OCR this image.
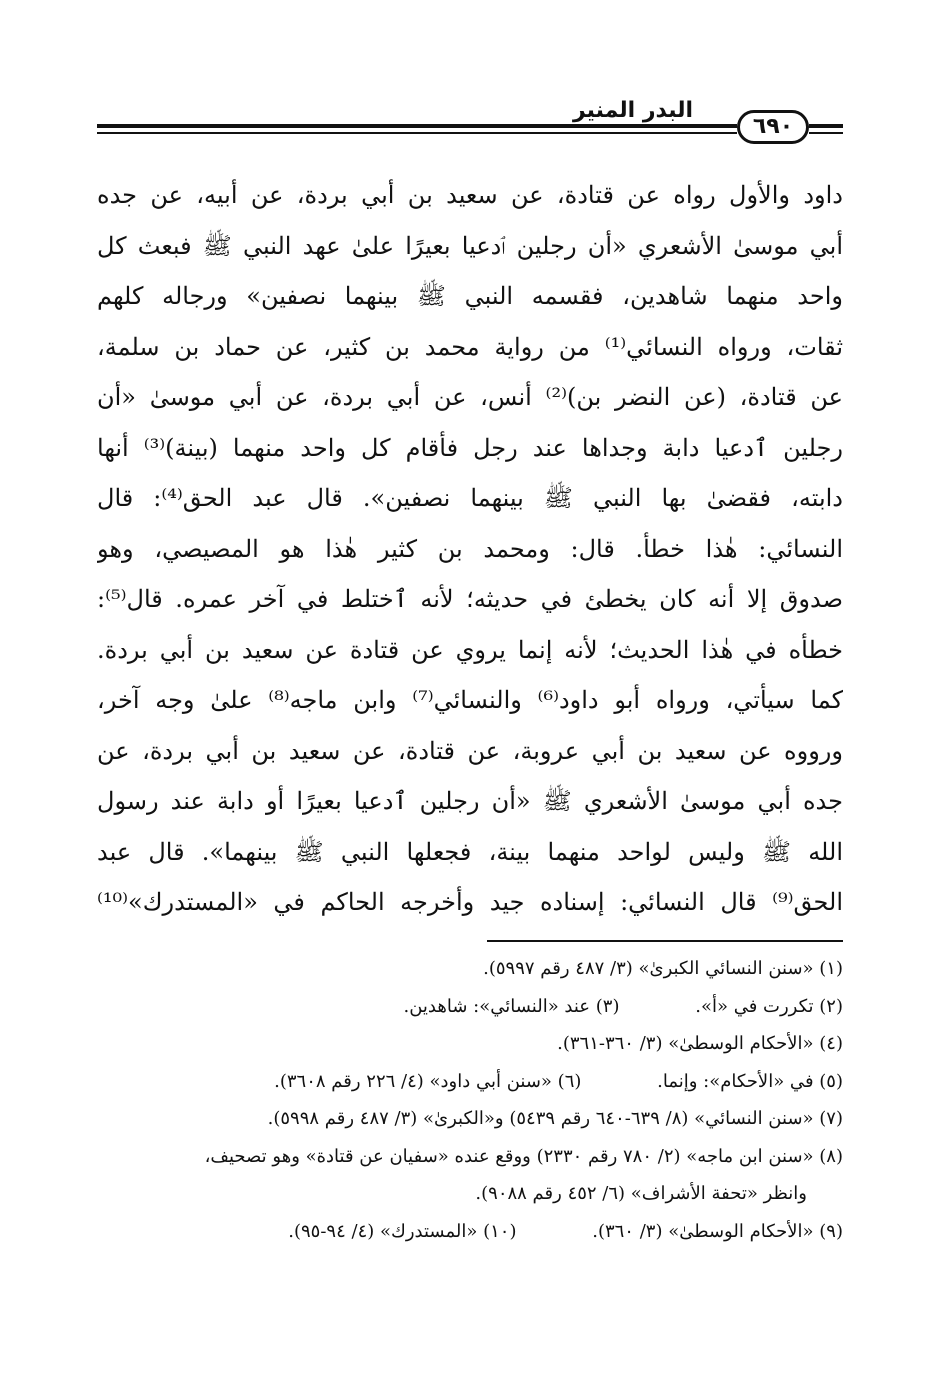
البدر المنير
٦٩٠
داود والأول رواه عن قتادة، عن سعيد بن أبي بردة، عن أبيه، عن جده
أبي موسىٰ الأشعري «أن رجلين ٱدعيا بعيرًا علىٰ عهد النبي ﷺ فبعث كل
واحد منهما شاهدين، فقسمه النبي ﷺ بينهما نصفين» ورجاله كلهم
ثقات، ورواه النسائي⁽¹⁾ من رواية محمد بن كثير، عن حماد بن سلمة،
عن قتادة، (عن النضر بن)⁽²⁾ أنس، عن أبي بردة، عن أبي موسىٰ «أن
رجلين ٱدعيا دابة وجداها عند رجل فأقام كل واحد منهما (بينة)⁽³⁾ أنها
دابته، فقضىٰ بها النبي ﷺ بينهما نصفين». قال عبد الحق⁽⁴⁾: قال
النسائي: هٰذا خطأ. قال: ومحمد بن كثير هٰذا هو المصيصي، وهو
صدوق إلا أنه كان يخطئ في حديثه؛ لأنه ٱختلط في آخر عمره. قال⁽⁵⁾:
خطأه في هٰذا الحديث؛ لأنه إنما يروي عن قتادة عن سعيد بن أبي بردة.
كما سيأتي، ورواه أبو داود⁽⁶⁾ والنسائي⁽⁷⁾ وابن ماجه⁽⁸⁾ علىٰ وجه آخر،
ورووه عن سعيد بن أبي عروبة، عن قتادة، عن سعيد بن أبي بردة، عن
جده أبي موسىٰ الأشعري ﷺ «أن رجلين ٱدعيا بعيرًا أو دابة عند رسول
الله ﷺ وليس لواحد منهما بينة، فجعلها النبي ﷺ بينهما». قال عبد
الحق⁽⁹⁾ قال النسائي: إسناده جيد وأخرجه الحاكم في «المستدرك»⁽¹⁰⁾
(١) «سنن النسائي الكبرىٰ» (٣/ ٤٨٧ رقم ٥٩٩٧).
(٢) تكررت في «أ». (٣) عند «النسائي»: شاهدين.
(٤) «الأحكام الوسطىٰ» (٣/ ٣٦٠-٣٦١).
(٥) في «الأحكام»: وإنما. (٦) «سنن أبي داود» (٤/ ٢٢٦ رقم ٣٦٠٨).
(٧) «سنن النسائي» (٨/ ٦٣٩-٦٤٠ رقم ٥٤٣٩) و«الكبرىٰ» (٣/ ٤٨٧ رقم ٥٩٩٨).
(٨) «سنن ابن ماجه» (٢/ ٧٨٠ رقم ٢٣٣٠) ووقع عنده «سفيان عن قتادة» وهو تصحيف،
وانظر «تحفة الأشراف» (٦/ ٤٥٢ رقم ٩٠٨٨).
(٩) «الأحكام الوسطىٰ» (٣/ ٣٦٠). (١٠) «المستدرك» (٤/ ٩٤-٩٥).
